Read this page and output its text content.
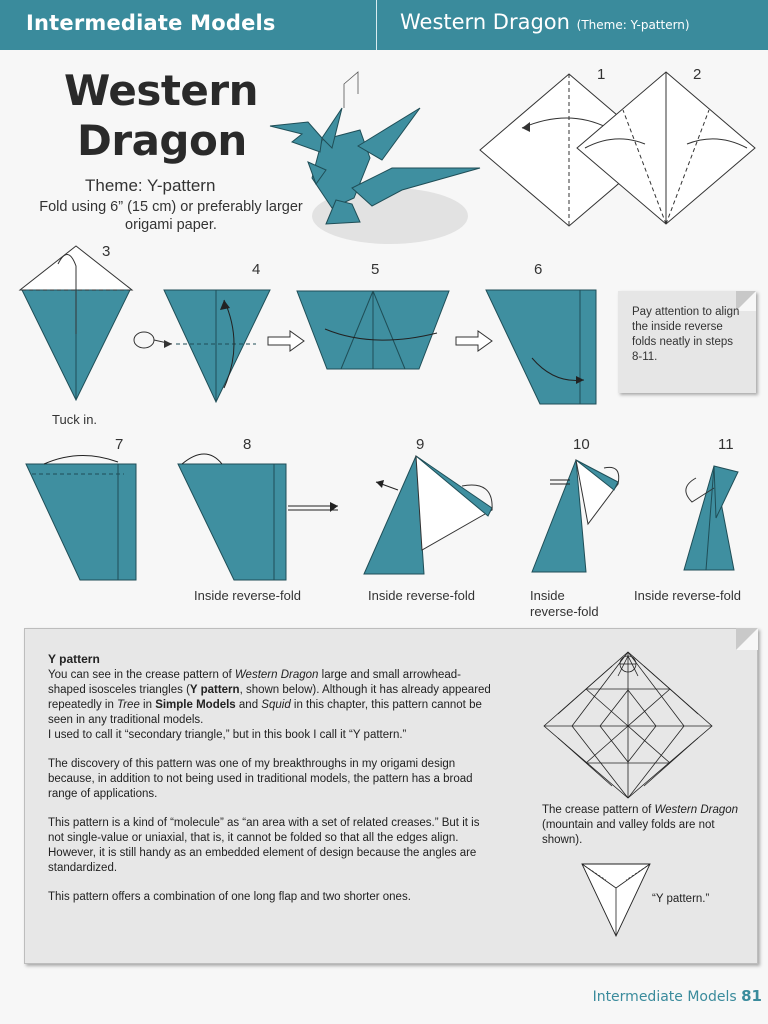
Intermediate Models	Western Dragon (Theme: Y-pattern)
Western
Dragon
Theme: Y-pattern
Fold using 6” (15 cm) or preferably larger origami paper.
1	2
3
4	5	6
7	8	9	10	11
Tuck in.
Pay attention to align the inside reverse folds neatly in steps 8-11.
Inside reverse-fold	Inside reverse-fold	Inside
reverse-fold
Inside reverse-fold
Y pattern

You can see in the crease pattern of Western Dragon large and small arrowhead-shaped isosceles triangles (Y pattern, shown below). Although it has already appeared repeatedly in Tree in Simple Models and Squid in this chapter, this pattern cannot be seen in any traditional models.

I used to call it “secondary triangle,” but in this book I call it “Y pattern.”

The discovery of this pattern was one of my breakthroughs in my origami design because, in addition to not being used in traditional models, the pattern has a broad range of applications.

This pattern is a kind of “molecule” as “an area with a set of related creases.” But it is not single-value or uniaxial, that is, it cannot be folded so that all the edges align. However, it is still handy as an embedded element of design because the angles are standardized.

This pattern offers a combination of one long flap and two shorter ones.

The crease pattern of Western Dragon (mountain and valley folds are not shown).
“Y pattern.”
Intermediate Models 81
